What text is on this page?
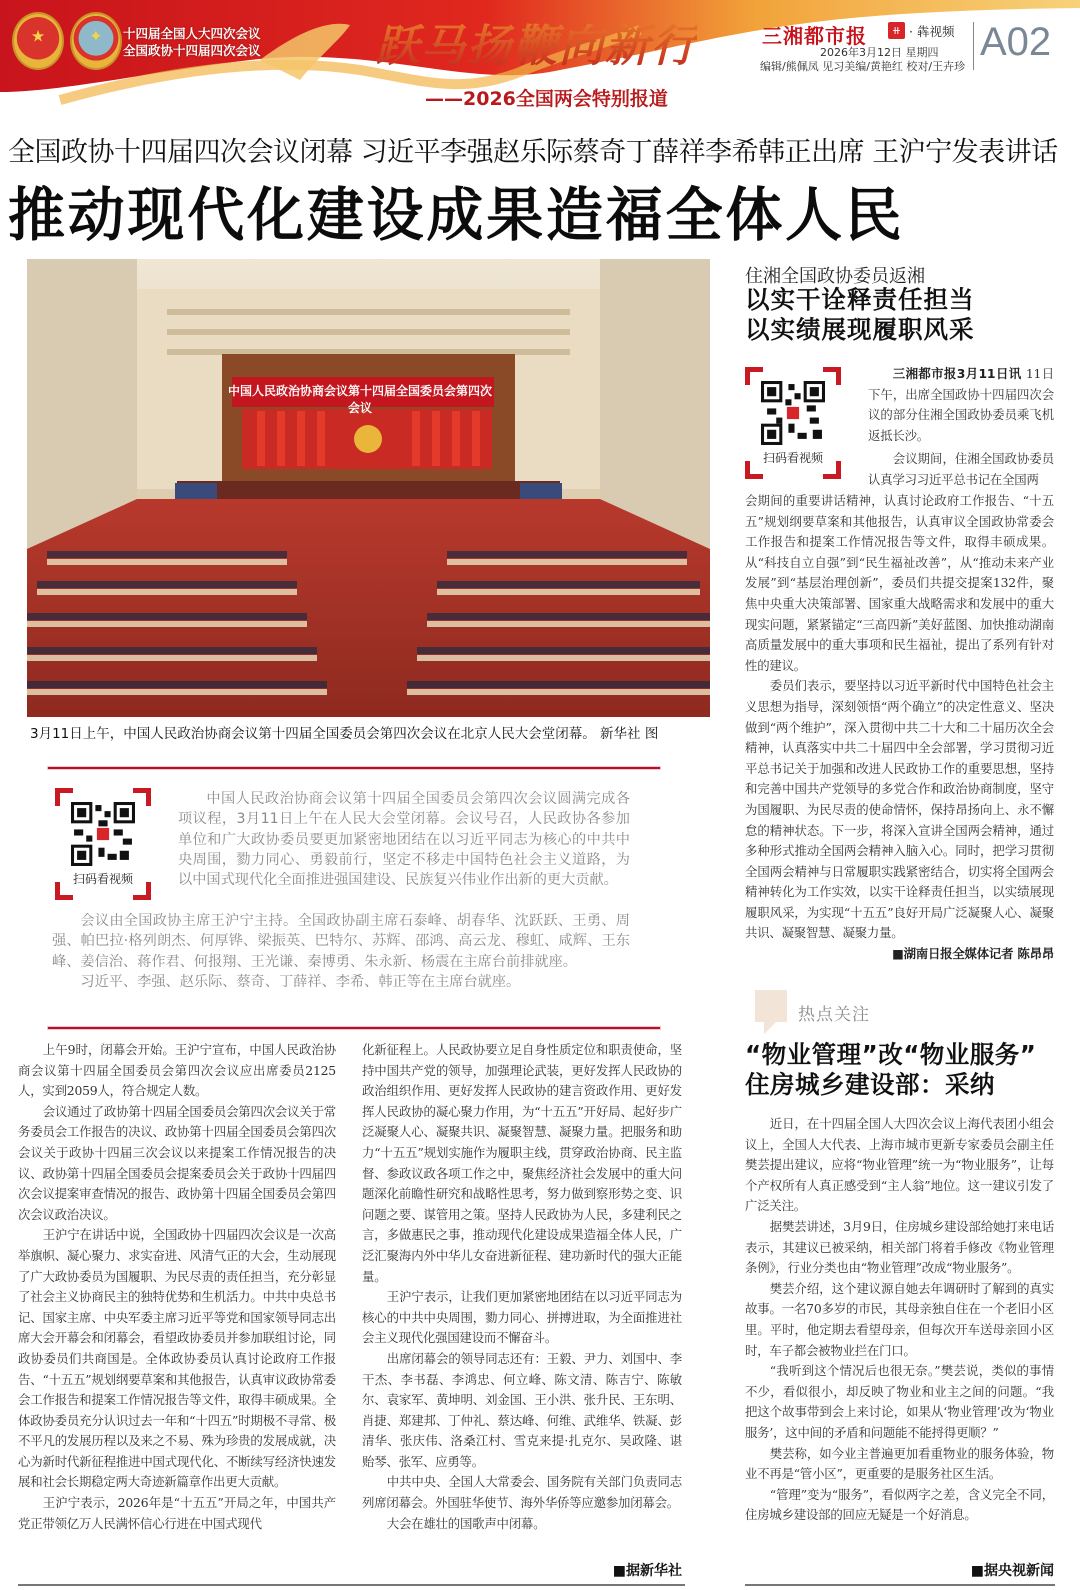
★	✦ 十四届全国人大四次会议
全国政协十四届四次会议	跃马扬鞭向新行
——2026全国两会特别报道
三湘都市报	⧺ · 犇视频
2026年3月12日 星期四
编辑/熊佩凤 见习美编/黄艳红 校对/王卉珍
A02
全国政协十四届四次会议闭幕 习近平李强赵乐际蔡奇丁薛祥李希韩正出席 王沪宁发表讲话
推动现代化建设成果造福全体人民
中国人民政治协商会议第十四届全国委员会第四次会议
3月11日上午，中国人民政治协商会议第十四届全国委员会第四次会议在北京人民大会堂闭幕。 新华社 图
扫码看视频

中国人民政治协商会议第十四届全国委员会第四次会议圆满完成各项议程，3月11日上午在人民大会堂闭幕。会议号召，人民政协各参加单位和广大政协委员要更加紧密地团结在以习近平同志为核心的中共中央周围，勠力同心、勇毅前行，坚定不移走中国特色社会主义道路，为以中国式现代化全面推进强国建设、民族复兴伟业作出新的更大贡献。

会议由全国政协主席王沪宁主持。全国政协副主席石泰峰、胡春华、沈跃跃、王勇、周强、帕巴拉·格列朗杰、何厚铧、梁振英、巴特尔、苏辉、邵鸿、高云龙、穆虹、咸辉、王东峰、姜信治、蒋作君、何报翔、王光谦、秦博勇、朱永新、杨震在主席台前排就座。

习近平、李强、赵乐际、蔡奇、丁薛祥、李希、韩正等在主席台就座。

上午9时，闭幕会开始。王沪宁宣布，中国人民政治协商会议第十四届全国委员会第四次会议应出席委员2125人，实到2059人，符合规定人数。

会议通过了政协第十四届全国委员会第四次会议关于常务委员会工作报告的决议、政协第十四届全国委员会第四次会议关于政协十四届三次会议以来提案工作情况报告的决议、政协第十四届全国委员会提案委员会关于政协十四届四次会议提案审查情况的报告、政协第十四届全国委员会第四次会议政治决议。

王沪宁在讲话中说，全国政协十四届四次会议是一次高举旗帜、凝心聚力、求实奋进、风清气正的大会，生动展现了广大政协委员为国履职、为民尽责的责任担当，充分彰显了社会主义协商民主的独特优势和生机活力。中共中央总书记、国家主席、中央军委主席习近平等党和国家领导同志出席大会开幕会和闭幕会，看望政协委员并参加联组讨论，同政协委员们共商国是。全体政协委员认真讨论政府工作报告、“十五五”规划纲要草案和其他报告，认真审议政协常委会工作报告和提案工作情况报告等文件，取得丰硕成果。全体政协委员充分认识过去一年和“十四五”时期极不寻常、极不平凡的发展历程以及来之不易、殊为珍贵的发展成就，决心为新时代新征程推进中国式现代化、不断续写经济快速发展和社会长期稳定两大奇迹新篇章作出更大贡献。

王沪宁表示，2026年是“十五五”开局之年，中国共产党正带领亿万人民满怀信心行进在中国式现代

化新征程上。人民政协要立足自身性质定位和职责使命，坚持中国共产党的领导，加强理论武装，更好发挥人民政协的政治组织作用、更好发挥人民政协的建言资政作用、更好发挥人民政协的凝心聚力作用，为“十五五”开好局、起好步广泛凝聚人心、凝聚共识、凝聚智慧、凝聚力量。把服务和助力“十五五”规划实施作为履职主线，贯穿政治协商、民主监督、参政议政各项工作之中，聚焦经济社会发展中的重大问题深化前瞻性研究和战略性思考，努力做到察形势之变、识问题之要、谋管用之策。坚持人民政协为人民，多建利民之言，多做惠民之事，推动现代化建设成果造福全体人民，广泛汇聚海内外中华儿女奋进新征程、建功新时代的强大正能量。

王沪宁表示，让我们更加紧密地团结在以习近平同志为核心的中共中央周围，勠力同心、拼搏进取，为全面推进社会主义现代化强国建设而不懈奋斗。

出席闭幕会的领导同志还有：王毅、尹力、刘国中、李干杰、李书磊、李鸿忠、何立峰、陈文清、陈吉宁、陈敏尔、袁家军、黄坤明、刘金国、王小洪、张升民、王东明、肖捷、郑建邦、丁仲礼、蔡达峰、何维、武维华、铁凝、彭清华、张庆伟、洛桑江村、雪克来提·扎克尔、吴政隆、谌贻琴、张军、应勇等。

中共中央、全国人大常委会、国务院有关部门负责同志列席闭幕会。外国驻华使节、海外华侨等应邀参加闭幕会。

大会在雄壮的国歌声中闭幕。

■据新华社
住湘全国政协委员返湘
以实干诠释责任担当
以实绩展现履职风采
扫码看视频

三湘都市报3月11日讯 11日下午，出席全国政协十四届四次会议的部分住湘全国政协委员乘飞机返抵长沙。

会议期间，住湘全国政协委员认真学习习近平总书记在全国两

会期间的重要讲话精神，认真讨论政府工作报告、“十五五”规划纲要草案和其他报告，认真审议全国政协常委会工作报告和提案工作情况报告等文件，取得丰硕成果。从“科技自立自强”到“民生福祉改善”，从“推动未来产业发展”到“基层治理创新”，委员们共提交提案132件，聚焦中央重大决策部署、国家重大战略需求和发展中的重大现实问题，紧紧锚定“三高四新”美好蓝图、加快推动湖南高质量发展中的重大事项和民生福祉，提出了系列有针对性的建议。

委员们表示，要坚持以习近平新时代中国特色社会主义思想为指导，深刻领悟“两个确立”的决定性意义、坚决做到“两个维护”，深入贯彻中共二十大和二十届历次全会精神，认真落实中共二十届四中全会部署，学习贯彻习近平总书记关于加强和改进人民政协工作的重要思想，坚持和完善中国共产党领导的多党合作和政治协商制度，坚守为国履职、为民尽责的使命情怀，保持昂扬向上、永不懈怠的精神状态。下一步，将深入宣讲全国两会精神，通过多种形式推动全国两会精神入脑入心。同时，把学习贯彻全国两会精神与日常履职实践紧密结合，切实将全国两会精神转化为工作实效，以实干诠释责任担当，以实绩展现履职风采，为实现“十五五”良好开局广泛凝聚人心、凝聚共识、凝聚智慧、凝聚力量。

■湖南日报全媒体记者 陈昂昂

热点关注
“物业管理”改“物业服务”
住房城乡建设部：采纳

近日，在十四届全国人大四次会议上海代表团小组会议上，全国人大代表、上海市城市更新专家委员会副主任樊芸提出建议，应将“物业管理”统一为“物业服务”，让每个产权所有人真正感受到“主人翁”地位。这一建议引发了广泛关注。

据樊芸讲述，3月9日，住房城乡建设部给她打来电话表示，其建议已被采纳，相关部门将着手修改《物业管理条例》，行业分类也由“物业管理”改成“物业服务”。

樊芸介绍，这个建议源自她去年调研时了解到的真实故事。一名70多岁的市民，其母亲独自住在一个老旧小区里。平时，他定期去看望母亲，但每次开车送母亲回小区时，车子都会被物业拦在门口。

“我听到这个情况后也很无奈。”樊芸说，类似的事情不少，看似很小，却反映了物业和业主之间的问题。“我把这个故事带到会上来讨论，如果从‘物业管理’改为‘物业服务’，这中间的矛盾和问题能不能捋得更顺？”

樊芸称，如今业主普遍更加看重物业的服务体验，物业不再是“管小区”，更重要的是服务社区生活。

“管理”变为“服务”，看似两字之差，含义完全不同，住房城乡建设部的回应无疑是一个好消息。

■据央视新闻
